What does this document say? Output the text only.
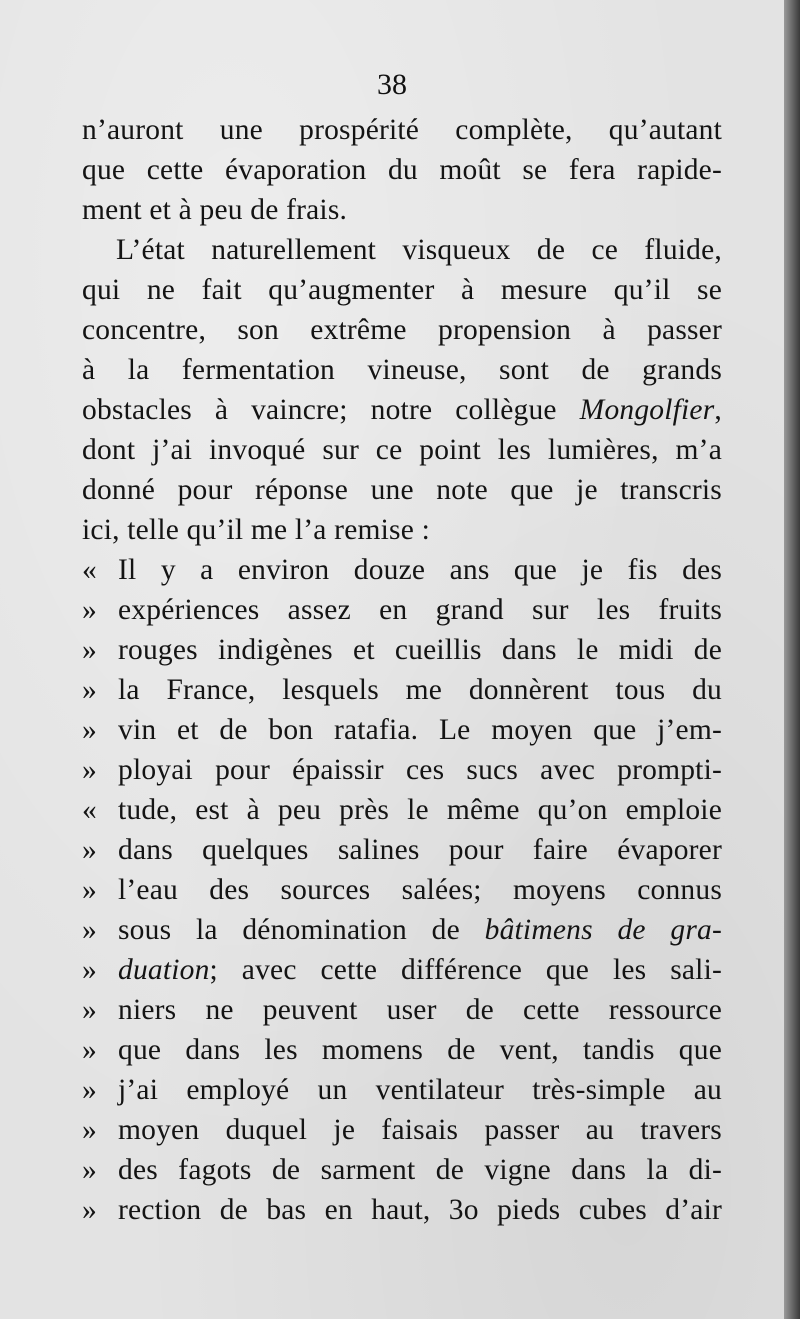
38

n’auront une prospérité complète, qu’autant
que cette évaporation du moût se fera rapide-
ment et à peu de frais.
L’état naturellement visqueux de ce fluide,
qui ne fait qu’augmenter à mesure qu’il se
concentre, son extrême propension à passer
à la fermentation vineuse, sont de grands
obstacles à vaincre; notre collègue Mongolfier,
dont j’ai invoqué sur ce point les lumières, m’a
donné pour réponse une note que je transcris
ici, telle qu’il me l’a remise :
« Il y a environ douze ans que je fis des
» expériences assez en grand sur les fruits
» rouges indigènes et cueillis dans le midi de
» la France, lesquels me donnèrent tous du
» vin et de bon ratafia. Le moyen que j’em-
» ployai pour épaissir ces sucs avec prompti-
« tude, est à peu près le même qu’on emploie
» dans quelques salines pour faire évaporer
» l’eau des sources salées; moyens connus
» sous la dénomination de bâtimens de gra-
» duation; avec cette différence que les sali-
» niers ne peuvent user de cette ressource
» que dans les momens de vent, tandis que
» j’ai employé un ventilateur très-simple au
» moyen duquel je faisais passer au travers
» des fagots de sarment de vigne dans la di-
» rection de bas en haut, 3o pieds cubes d’air
